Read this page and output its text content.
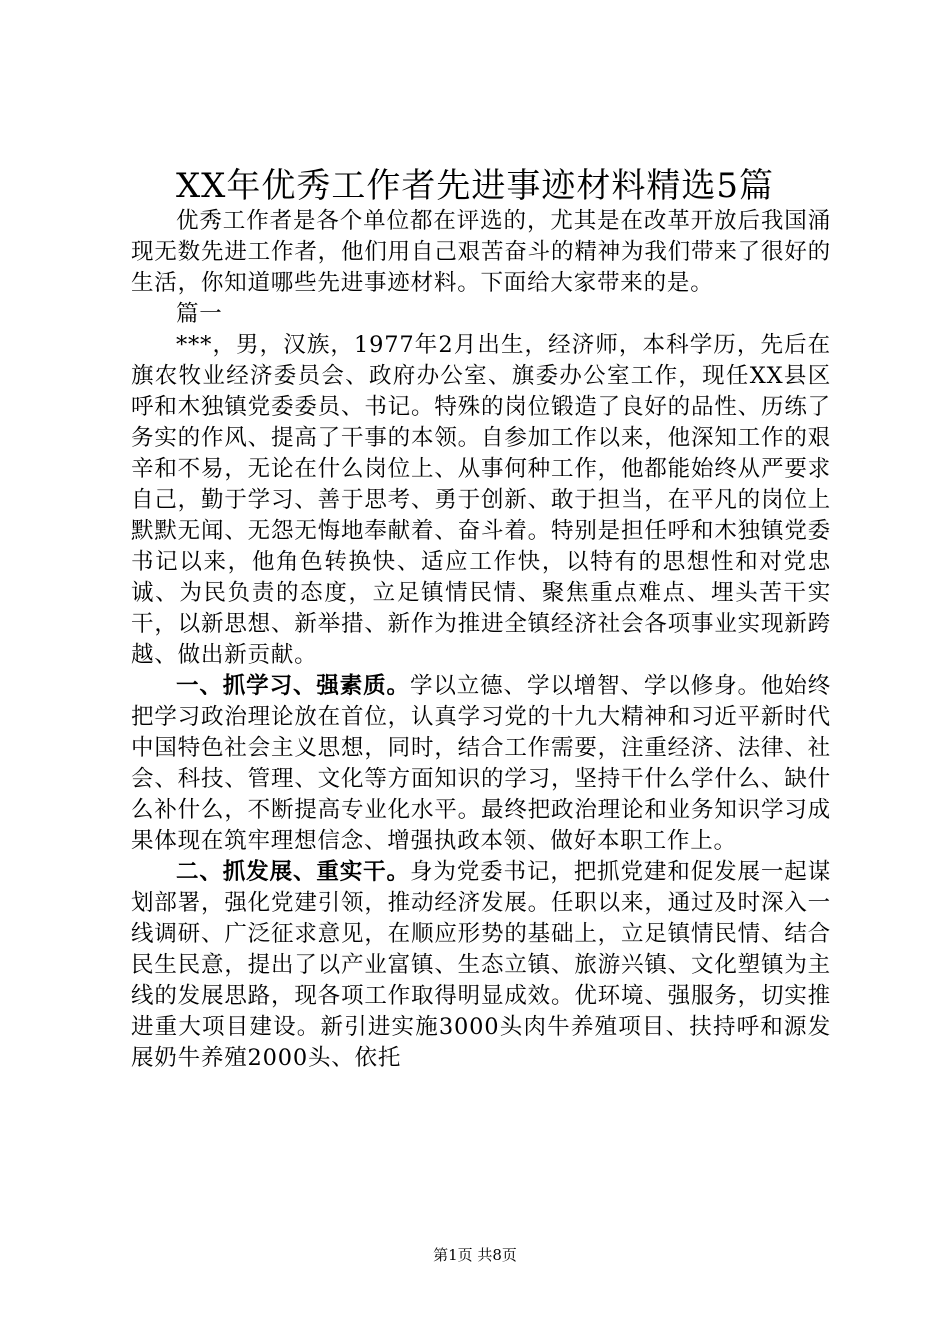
XX年优秀工作者先进事迹材料精选5篇

优秀工作者是各个单位都在评选的，尤其是在改革开放后我国涌现无数先进工作者，他们用自己艰苦奋斗的精神为我们带来了很好的生活，你知道哪些先进事迹材料。下面给大家带来的是。

篇一

***，男，汉族，1977年2月出生，经济师，本科学历，先后在旗农牧业经济委员会、政府办公室、旗委办公室工作，现任XX县区呼和木独镇党委委员、书记。特殊的岗位锻造了良好的品性、历练了务实的作风、提高了干事的本领。自参加工作以来，他深知工作的艰辛和不易，无论在什么岗位上、从事何种工作，他都能始终从严要求自己，勤于学习、善于思考、勇于创新、敢于担当，在平凡的岗位上默默无闻、无怨无悔地奉献着、奋斗着。特别是担任呼和木独镇党委书记以来，他角色转换快、适应工作快，以特有的思想性和对党忠诚、为民负责的态度，立足镇情民情、聚焦重点难点、埋头苦干实干，以新思想、新举措、新作为推进全镇经济社会各项事业实现新跨越、做出新贡献。

一、抓学习、强素质。学以立德、学以增智、学以修身。他始终把学习政治理论放在首位，认真学习党的十九大精神和习近平新时代中国特色社会主义思想，同时，结合工作需要，注重经济、法律、社会、科技、管理、文化等方面知识的学习，坚持干什么学什么、缺什么补什么，不断提高专业化水平。最终把政治理论和业务知识学习成果体现在筑牢理想信念、增强执政本领、做好本职工作上。

二、抓发展、重实干。身为党委书记，把抓党建和促发展一起谋划部署，强化党建引领，推动经济发展。任职以来，通过及时深入一线调研、广泛征求意见，在顺应形势的基础上，立足镇情民情、结合民生民意，提出了以产业富镇、生态立镇、旅游兴镇、文化塑镇为主线的发展思路，现各项工作取得明显成效。优环境、强服务，切实推进重大项目建设。新引进实施3000头肉牛养殖项目、扶持呼和源发展奶牛养殖2000头、依托

第1页 共8页
